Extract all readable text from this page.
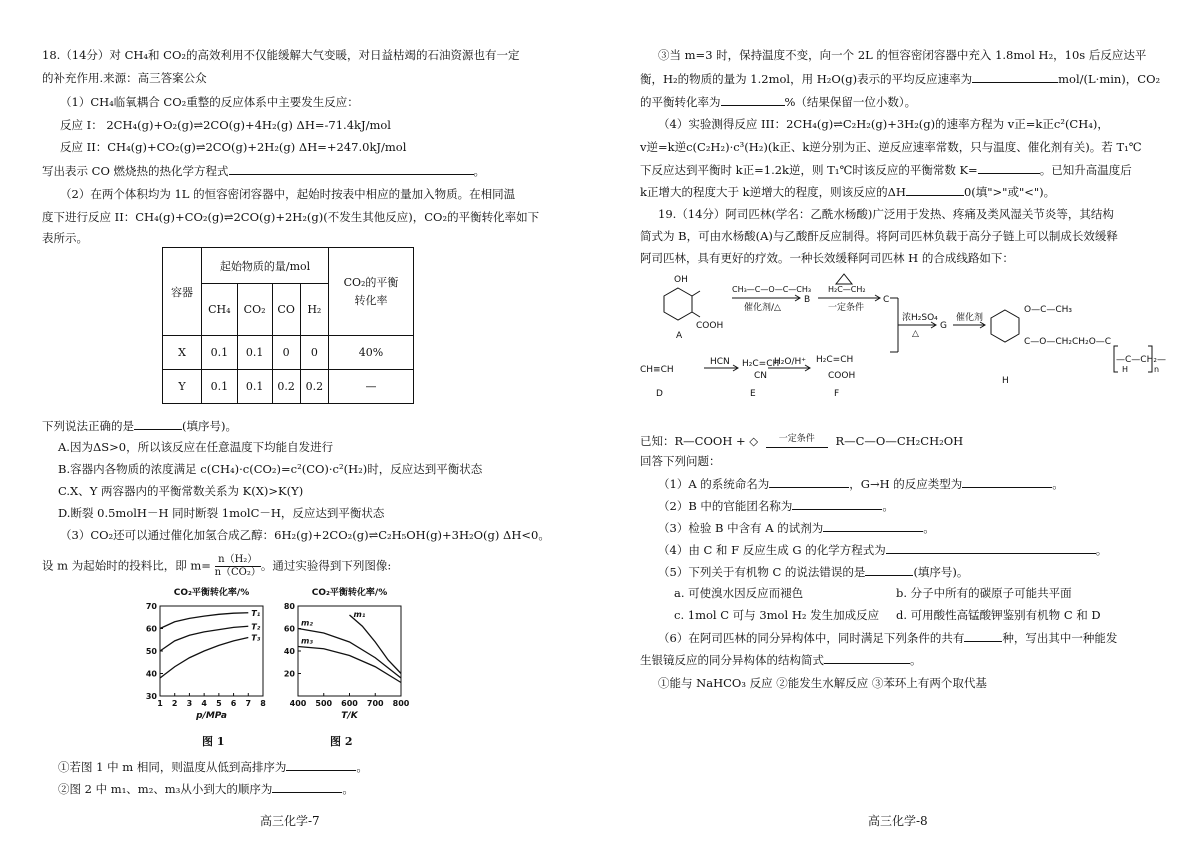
18.（14分）对 CH₄和 CO₂的高效利用不仅能缓解大气变暖，对日益枯竭的石油资源也有一定
的补充作用.来源：高三答案公众
（1）CH₄临氧耦合 CO₂重整的反应体系中主要发生反应：
反应 I： 2CH₄(g)+O₂(g)⇌2CO(g)+4H₂(g) ΔH=-71.4kJ/mol
反应 II：CH₄(g)+CO₂(g)⇌2CO(g)+2H₂(g) ΔH=+247.0kJ/mol
写出表示 CO 燃烧热的热化学方程式	。
（2）在两个体积均为 1L 的恒容密闭容器中，起始时按表中相应的量加入物质。在相同温
度下进行反应 II：CH₄(g)+CO₂(g)⇌2CO(g)+2H₂(g)(不发生其他反应)，CO₂的平衡转化率如下
表所示。
容器	起始物质的量/mol				CO₂的平衡
转化率

	CH₄	CO₂	CO	H₂	
X	0.1	0.1	0	0	40%
Y	0.1	0.1	0.2	0.2	—
下列说法正确的是	(填序号)。
A.因为ΔS>0，所以该反应在任意温度下均能自发进行
B.容器内各物质的浓度满足 c(CH₄)·c(CO₂)=c²(CO)·c²(H₂)时，反应达到平衡状态
C.X、Y 两容器内的平衡常数关系为 K(X)>K(Y)
D.断裂 0.5molH－H 同时断裂 1molC－H，反应达到平衡状态
（3）CO₂还可以通过催化加氢合成乙醇：6H₂(g)+2CO₂(g)⇌C₂H₅OH(g)+3H₂O(g) ΔH<0。
设 m 为起始时的投料比，即 $m= \frac{\text{n（H₂）}}{\text{n（CO₂）}}$ 。通过实验得到下列图像:
CO₂平衡转化率/%
1 2 3 4 5 6 7 8
30
40
50
60
70
p/MPa
T₁
T₂
T₃
CO₂平衡转化率/%
400 500 600 700 800
20
40
60
80
T/K
m₁
m₂
m₃
图 1	图 2
①若图 1 中 m 相同，则温度从低到高排序为	。
②图 2 中 m₁、m₂、m₃从小到大的顺序为	。
高三化学-7
③当 m=3 时，保持温度不变，向一个 2L 的恒容密闭容器中充入 1.8mol H₂，10s 后反应达平
衡，H₂的物质的量为 1.2mol，用 H₂O(g)表示的平均反应速率为	mol/(L·min)，CO₂
的平衡转化率为	%（结果保留一位小数）。
（4）实验测得反应 III：2CH₄(g)⇌C₂H₂(g)+3H₂(g)的速率方程为 v正=k正c²(CH₄)，
v逆=k逆c(C₂H₂)·c³(H₂)(k正、k逆分别为正、逆反应速率常数，只与温度、催化剂有关)。若 T₁℃
下反应达到平衡时 k正=1.2k逆，则 T₁℃时该反应的平衡常数 K=	。已知升高温度后
k正增大的程度大于 k逆增大的程度，则该反应的ΔH	0(填">"或"<")。
19.（14分）阿司匹林(学名：乙酰水杨酸)广泛用于发热、疼痛及类风湿关节炎等，其结构
简式为 B，可由水杨酸(A)与乙酸酐反应制得。将阿司匹林负载于高分子链上可以制成长效缓释
阿司匹林，具有更好的疗效。一种长效缓释阿司匹林 H 的合成线路如下：
OH
COOH
A
CH₃—C—O—C—CH₃
催化剂/△
B
一定条件
C
浓H₂SO₄
△
G
催化剂
O—C—CH₃
C—O—CH₂CH₂O—C
—C—CH₂—
H	n
H
CH≡CH
D
HCN H₂C=CH
CN
E
H₂O/H⁺ H₂C=CH
COOH
F
H₂C—CH₂
已知：R—COOH + ◇ 一定条件 R—C—O—CH₂CH₂OH
回答下列问题：
（1）A 的系统命名为	，G→H 的反应类型为	。
（2）B 中的官能团名称为	。
（3）检验 B 中含有 A 的试剂为	。
（4）由 C 和 F 反应生成 G 的化学方程式为	。
（5）下列关于有机物 C 的说法错误的是	(填序号)。
a. 可使溴水因反应而褪色	b. 分子中所有的碳原子可能共平面
c. 1mol C 可与 3mol H₂ 发生加成反应 d. 可用酸性高锰酸钾鉴别有机物 C 和 D
（6）在阿司匹林的同分异构体中，同时满足下列条件的共有	种，写出其中一种能发
生银镜反应的同分异构体的结构简式	。
①能与 NaHCO₃ 反应 ②能发生水解反应 ③苯环上有两个取代基
高三化学-8
